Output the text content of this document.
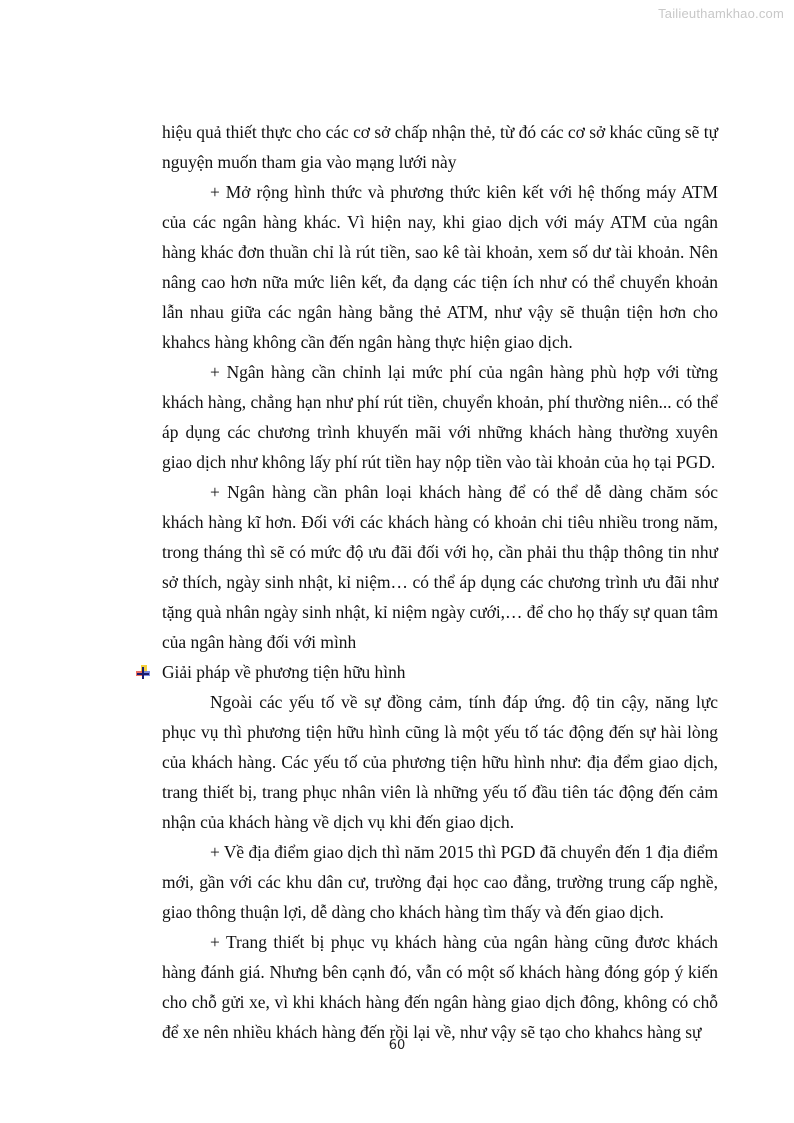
Tailieuthamkhao.com

hiệu quả thiết thực cho các cơ sở chấp nhận thẻ, từ đó các cơ sở khác cũng sẽ tự nguyện muốn tham gia vào mạng lưới này

+ Mở rộng hình thức và phương thức kiên kết với hệ thống máy ATM của các ngân hàng khác. Vì hiện nay, khi giao dịch với máy ATM của ngân hàng khác đơn thuần chỉ là rút tiền, sao kê tài khoản, xem số dư tài khoản. Nên nâng cao hơn nữa mức liên kết, đa dạng các tiện ích như có thể chuyển khoản lẫn nhau giữa các ngân hàng bằng thẻ ATM, như vậy sẽ thuận tiện hơn cho khahcs hàng không cần đến ngân hàng thực hiện giao dịch.

+ Ngân hàng cần chỉnh lại mức phí của ngân hàng phù hợp với từng khách hàng, chẳng hạn như phí rút tiền, chuyển khoản, phí thường niên... có thể áp dụng các chương trình khuyến mãi với những khách hàng thường xuyên giao dịch như không lấy phí rút tiền hay nộp tiền vào tài khoản của họ tại PGD.

+ Ngân hàng cần phân loại khách hàng để có thể dễ dàng chăm sóc khách hàng kĩ hơn. Đối với các khách hàng có khoản chi tiêu nhiều trong năm, trong tháng thì sẽ có mức độ ưu đãi đối với họ, cần phải thu thập thông tin như sở thích, ngày sinh nhật, kỉ niệm… có thể áp dụng các chương trình ưu đãi như tặng quà nhân ngày sinh nhật, kỉ niệm ngày cưới,… để cho họ thấy sự quan tâm của ngân hàng đối với mình

Giải pháp về phương tiện hữu hình

Ngoài các yếu tố về sự đồng cảm, tính đáp ứng. độ tin cậy, năng lực phục vụ thì phương tiện hữu hình cũng là một yếu tố tác động đến sự hài lòng của khách hàng. Các yếu tố của phương tiện hữu hình như: địa đểm giao dịch, trang thiết bị, trang phục nhân viên là những yếu tố đầu tiên tác động đến cảm nhận của khách hàng về dịch vụ khi đến giao dịch.

+ Về địa điểm giao dịch thì năm 2015 thì PGD đã chuyển đến 1 địa điểm mới, gần với các khu dân cư, trường đại học cao đẳng, trường trung cấp nghề, giao thông thuận lợi, dễ dàng cho khách hàng tìm thấy và đến giao dịch.

+ Trang thiết bị phục vụ khách hàng của ngân hàng cũng đươc khách hàng đánh giá. Nhưng bên cạnh đó, vẫn có một số khách hàng đóng góp ý kiến cho chỗ gửi xe, vì khi khách hàng đến ngân hàng giao dịch đông, không có chỗ để xe nên nhiều khách hàng đến rồi lại về, như vậy sẽ tạo cho khahcs hàng sự

60
